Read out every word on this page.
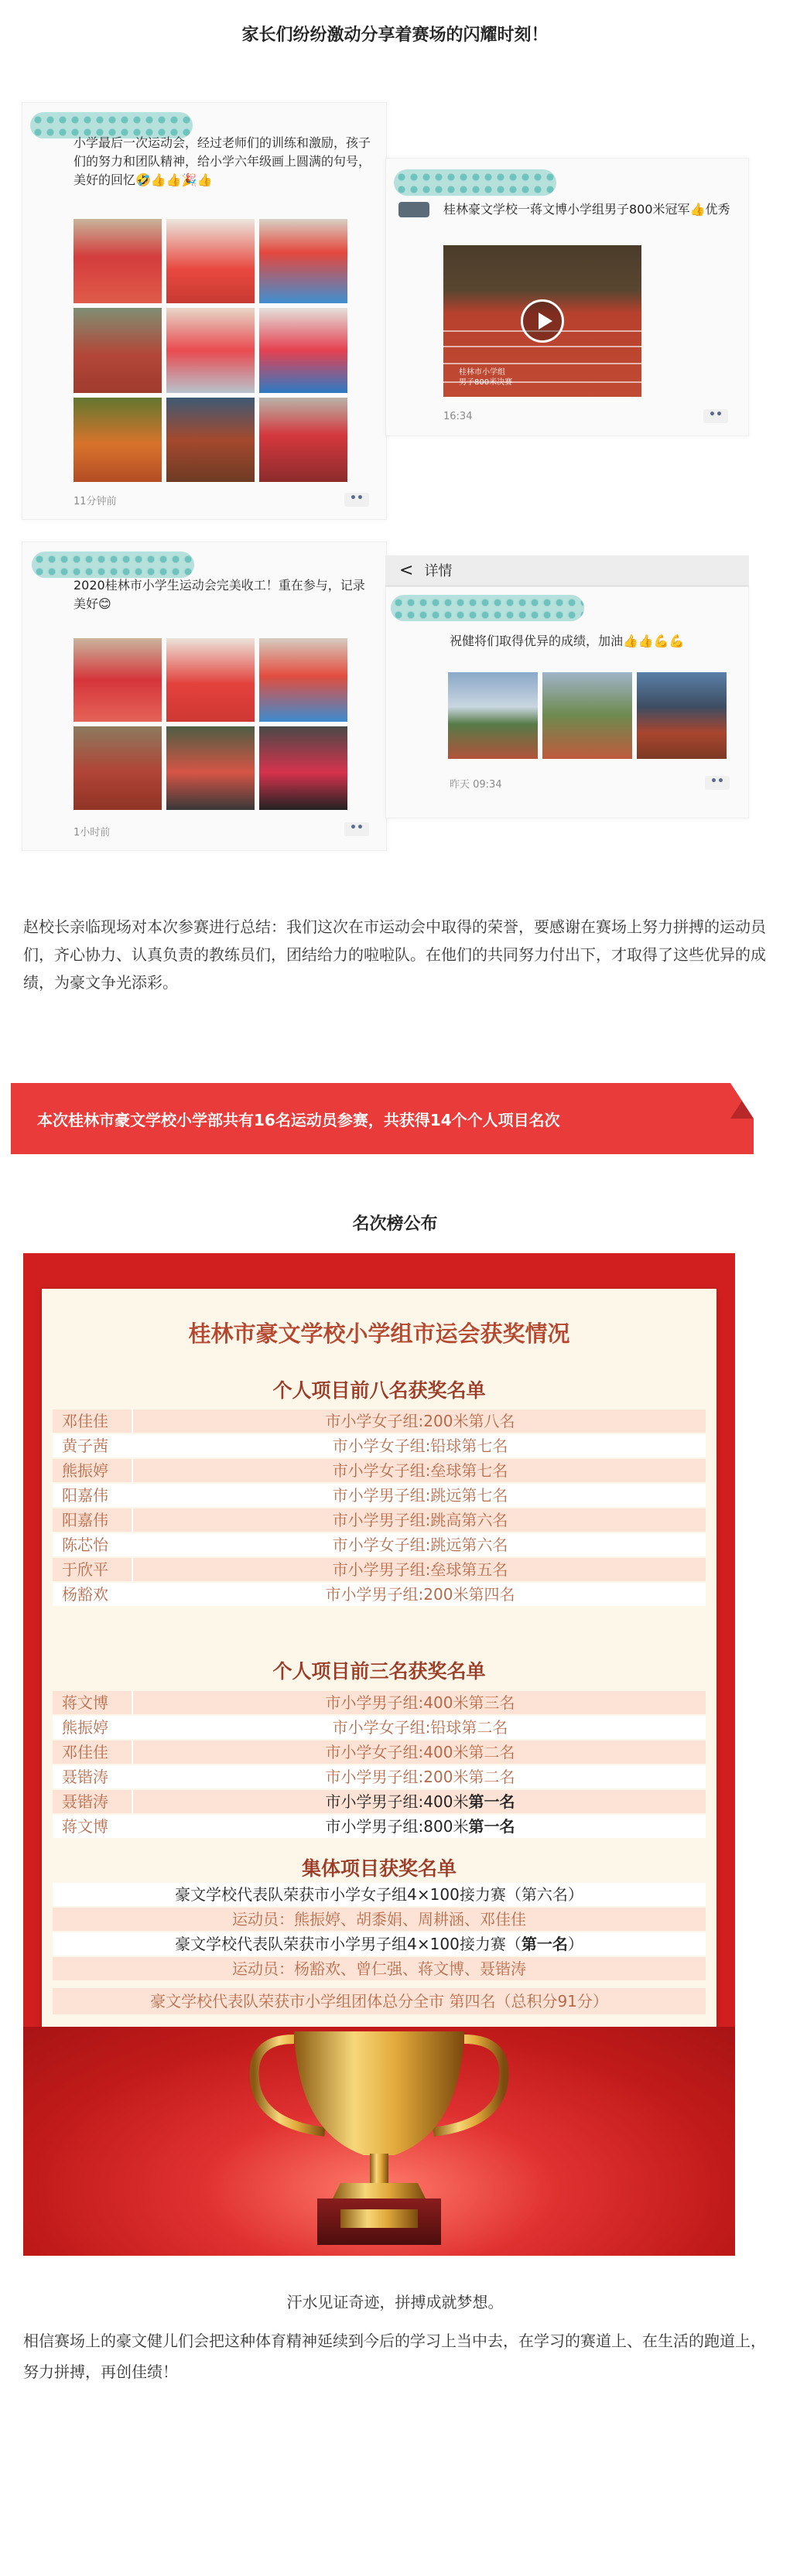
家长们纷纷激动分享着赛场的闪耀时刻！
小学最后一次运动会，经过老师们的训练和激励，孩子们的努力和团队精神，给小学六年级画上圆满的句号，美好的回忆🤣👍👍🎉👍
11分钟前	••
桂林豪文学校一蒋文博小学组男子800米冠军👍优秀
桂林市小学组
男子800米决赛
16:34	••
2020桂林市小学生运动会完美收工！重在参与，记录美好😊
1小时前	••
< 详情
祝健将们取得优异的成绩，加油👍👍💪💪
昨天 09:34	••
赵校长亲临现场对本次参赛进行总结：我们这次在市运动会中取得的荣誉，要感谢在赛场上努力拼搏的运动员们，齐心协力、认真负责的教练员们，团结给力的啦啦队。在他们的共同努力付出下，才取得了这些优异的成绩，为豪文争光添彩。
本次桂林市豪文学校小学部共有16名运动员参赛，共获得14个个人项目名次
名次榜公布
桂林市豪文学校小学组市运会获奖情况
个人项目前八名获奖名单
邓佳佳	市小学女子组:200米第八名
黄子茜	市小学女子组:铅球第七名
熊振婷	市小学女子组:垒球第七名
阳嘉伟	市小学男子组:跳远第七名
阳嘉伟	市小学男子组:跳高第六名
陈芯怡	市小学女子组:跳远第六名
于欣平	市小学男子组:垒球第五名
杨豁欢	市小学男子组:200米第四名
个人项目前三名获奖名单
蒋文博	市小学男子组:400米第三名
熊振婷	市小学女子组:铅球第二名
邓佳佳	市小学女子组:400米第二名
聂锴涛	市小学男子组:200米第二名
聂锴涛	市小学男子组:400米第一名
蒋文博	市小学男子组:800米第一名
集体项目获奖名单
豪文学校代表队荣获市小学女子组4×100接力赛（第六名）
运动员：熊振婷、胡黍娟、周耕涵、邓佳佳
豪文学校代表队荣获市小学男子组4×100接力赛（第一名）
运动员：杨豁欢、曾仁强、蒋文博、聂锴涛
豪文学校代表队荣获市小学组团体总分全市 第四名（总积分91分）
汗水见证奇迹，拼搏成就梦想。
相信赛场上的豪文健儿们会把这种体育精神延续到今后的学习上当中去，在学习的赛道上、在生活的跑道上，努力拼搏，再创佳绩！
